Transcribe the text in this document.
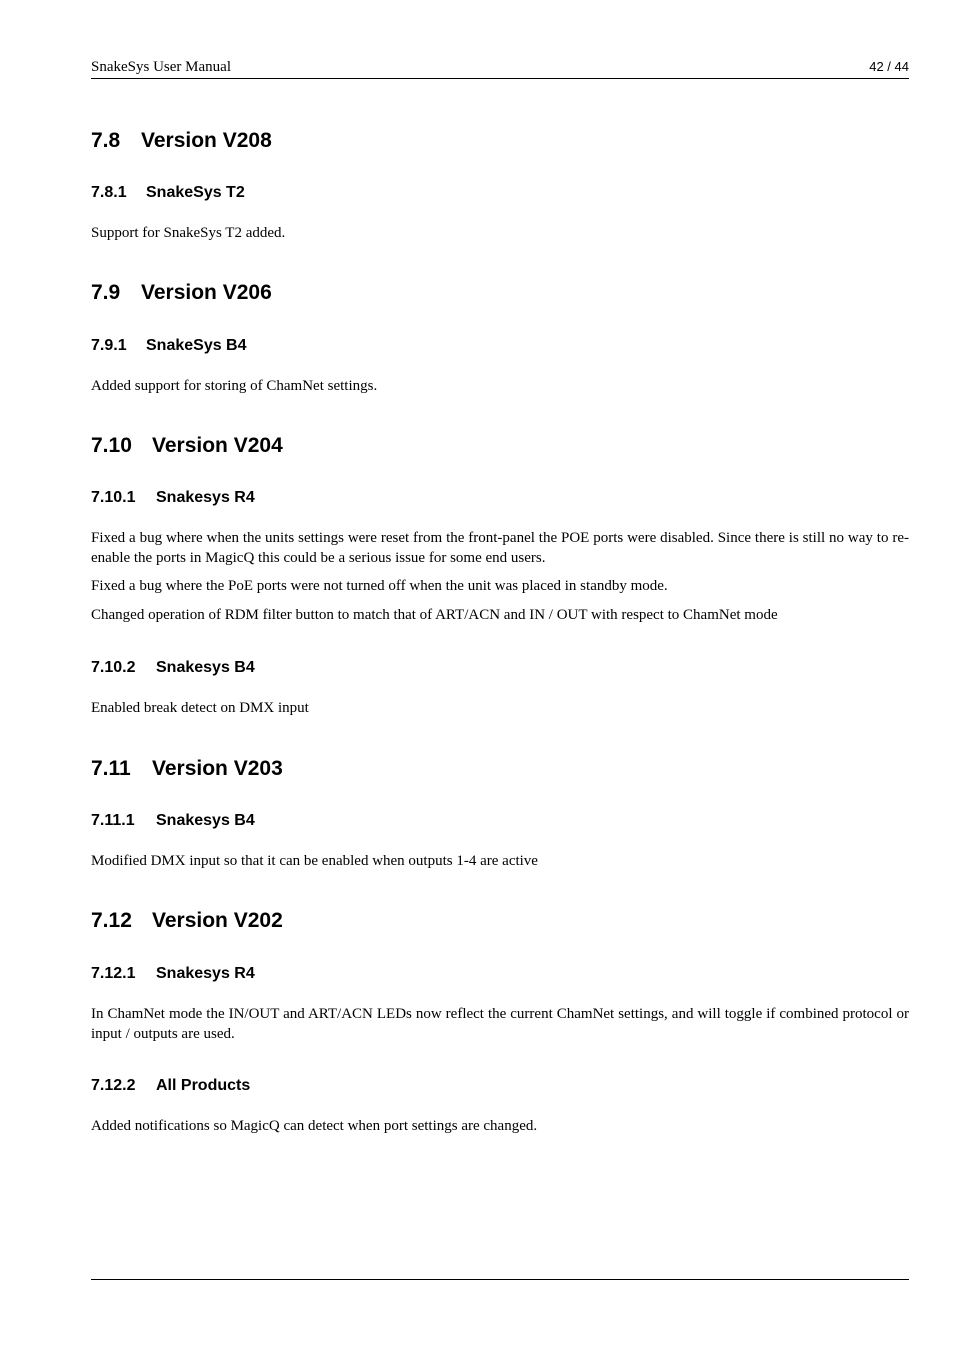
SnakeSys User Manual	42 / 44
7.8 Version V208
7.8.1 SnakeSys T2
Support for SnakeSys T2 added.
7.9 Version V206
7.9.1 SnakeSys B4
Added support for storing of ChamNet settings.
7.10 Version V204
7.10.1 Snakesys R4
Fixed a bug where when the units settings were reset from the front-panel the POE ports were disabled. Since there is still no way to re-enable the ports in MagicQ this could be a serious issue for some end users.
Fixed a bug where the PoE ports were not turned off when the unit was placed in standby mode.
Changed operation of RDM filter button to match that of ART/ACN and IN / OUT with respect to ChamNet mode
7.10.2 Snakesys B4
Enabled break detect on DMX input
7.11 Version V203
7.11.1 Snakesys B4
Modified DMX input so that it can be enabled when outputs 1-4 are active
7.12 Version V202
7.12.1 Snakesys R4
In ChamNet mode the IN/OUT and ART/ACN LEDs now reflect the current ChamNet settings, and will toggle if combined protocol or input / outputs are used.
7.12.2 All Products
Added notifications so MagicQ can detect when port settings are changed.
